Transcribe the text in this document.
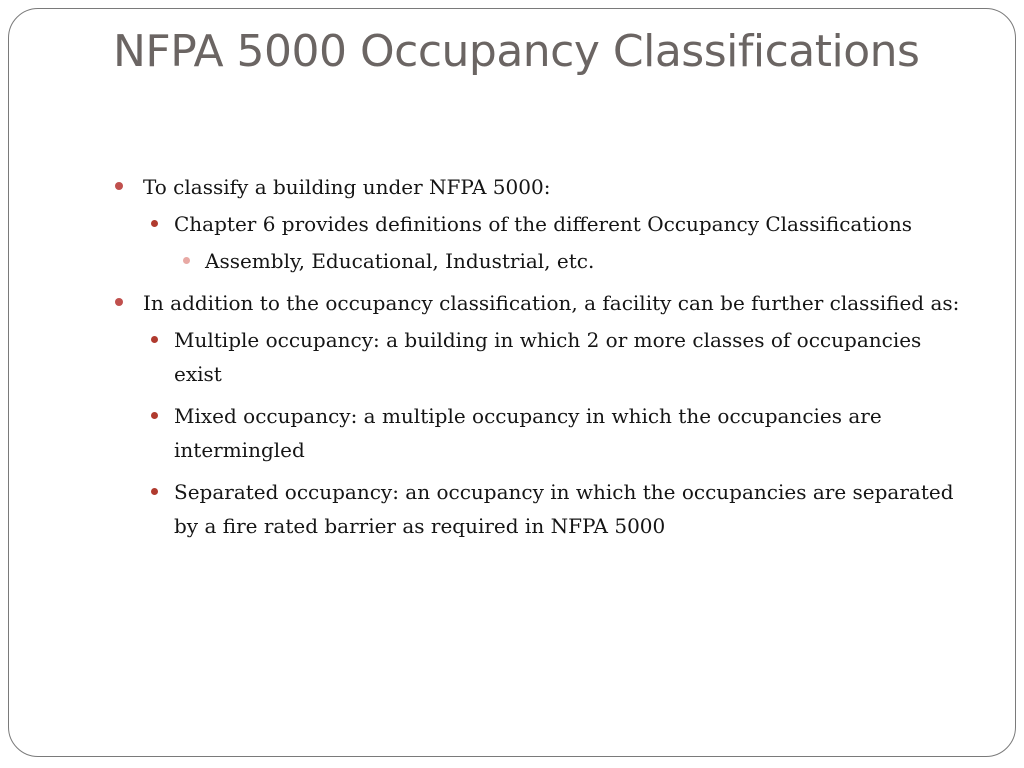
NFPA 5000 Occupancy Classifications

To classify a building under NFPA 5000:

Chapter 6 provides definitions of the different Occupancy Classifications

Assembly, Educational, Industrial, etc.

In addition to the occupancy classification, a facility can be further classified as:

Multiple occupancy: a building in which 2 or more classes of occupancies exist

Mixed occupancy: a multiple occupancy in which the occupancies are intermingled

Separated occupancy: an occupancy in which the occupancies are separated by a fire rated barrier as required in NFPA 5000
